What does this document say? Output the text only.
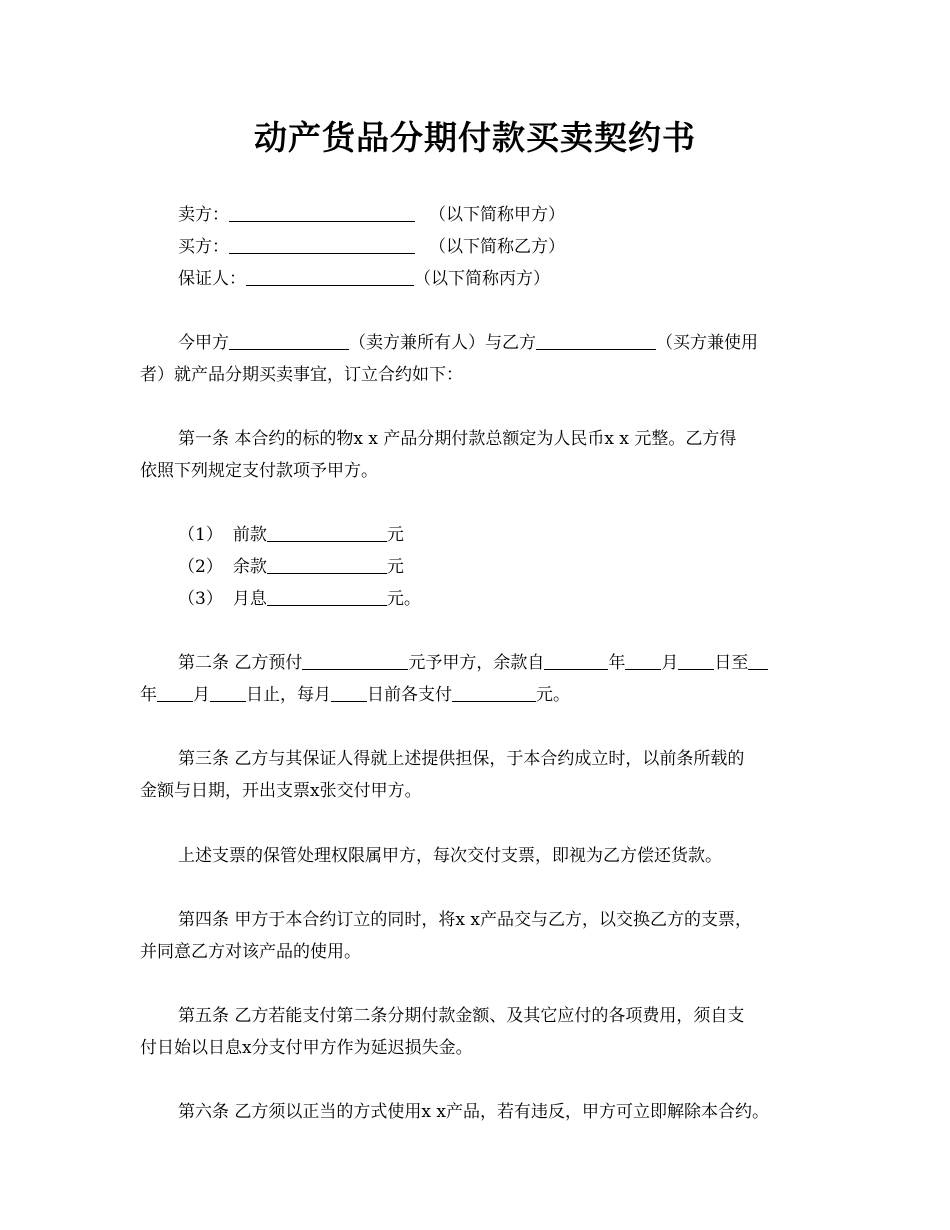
动产货品分期付款买卖契约书
卖方：	（以下简称甲方）
买方：	（以下简称乙方）
保证人：	（以下简称丙方）
今甲方	（卖方兼所有人）与乙方	（买方兼使用
者）就产品分期买卖事宜，订立合约如下：
第一条 本合约的标的物x x 产品分期付款总额定为人民币x x 元整。乙方得
依照下列规定支付款项予甲方。
（1） 前款	元
（2） 余款	元
（3） 月息	元。
第二条 乙方预付	元予甲方，余款自	年 月 日至
年 月 日止，每月 日前各支付	元。
第三条 乙方与其保证人得就上述提供担保，于本合约成立时，以前条所载的
金额与日期，开出支票x张交付甲方。
上述支票的保管处理权限属甲方，每次交付支票，即视为乙方偿还货款。
第四条 甲方于本合约订立的同时，将x x产品交与乙方，以交换乙方的支票，
并同意乙方对该产品的使用。
第五条 乙方若能支付第二条分期付款金额、及其它应付的各项费用，须自支
付日始以日息x分支付甲方作为延迟损失金。
第六条 乙方须以正当的方式使用x x产品，若有违反，甲方可立即解除本合约。
